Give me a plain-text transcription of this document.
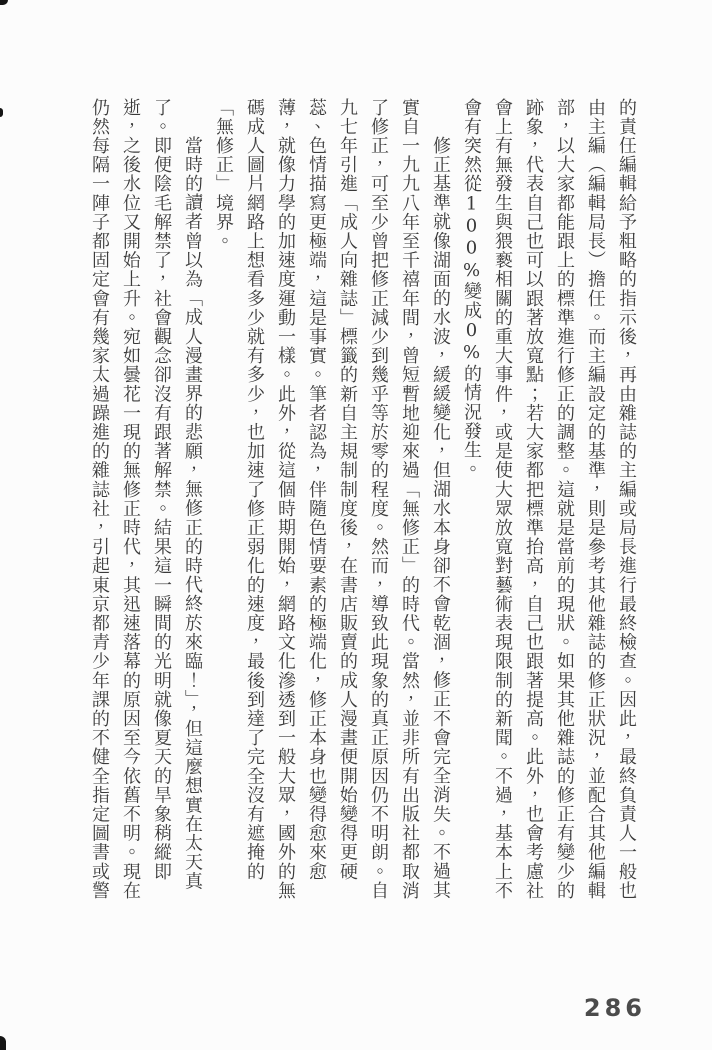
的責任編輯給予粗略的指示後，再由雜誌的主編或局長進行最終檢查。因此，最終負責人一般也
由主編（編輯局長）擔任。而主編設定的基準，則是參考其他雜誌的修正狀況，並配合其他編輯
部，以大家都能跟上的標準進行修正的調整。這就是當前的現狀。如果其他雜誌的修正有變少的
跡象，代表自己也可以跟著放寬點；若大家都把標準抬高，自己也跟著提高。此外，也會考慮社
會上有無發生與猥褻相關的重大事件，或是使大眾放寬對藝術表現限制的新聞。不過，基本上不
會有突然從100%變成0%的情況發生。
修正基準就像湖面的水波，緩緩變化，但湖水本身卻不會乾涸，修正不會完全消失。不過其
實自一九九八年至千禧年間，曾短暫地迎來過「無修正」的時代。當然，並非所有出版社都取消
了修正，可至少曾把修正減少到幾乎等於零的程度。然而，導致此現象的真正原因仍不明朗。自
九七年引進「成人向雜誌」標籤的新自主規制制度後，在書店販賣的成人漫畫便開始變得更硬
蕊、色情描寫更極端，這是事實。筆者認為，伴隨色情要素的極端化，修正本身也變得愈來愈
薄，就像力學的加速度運動一樣。此外，從這個時期開始，網路文化滲透到一般大眾，國外的無
碼成人圖片網路上想看多少就有多少，也加速了修正弱化的速度，最後到達了完全沒有遮掩的
「無修正」境界。
當時的讀者曾以為「成人漫畫界的悲願，無修正的時代終於來臨！」，但這麼想實在太天真
了。即便陰毛解禁了，社會觀念卻沒有跟著解禁。結果這一瞬間的光明就像夏天的旱象稍縱即
逝，之後水位又開始上升。宛如曇花一現的無修正時代，其迅速落幕的原因至今依舊不明。現在
仍然每隔一陣子都固定會有幾家太過躁進的雜誌社，引起東京都青少年課的不健全指定圖書或警
286
